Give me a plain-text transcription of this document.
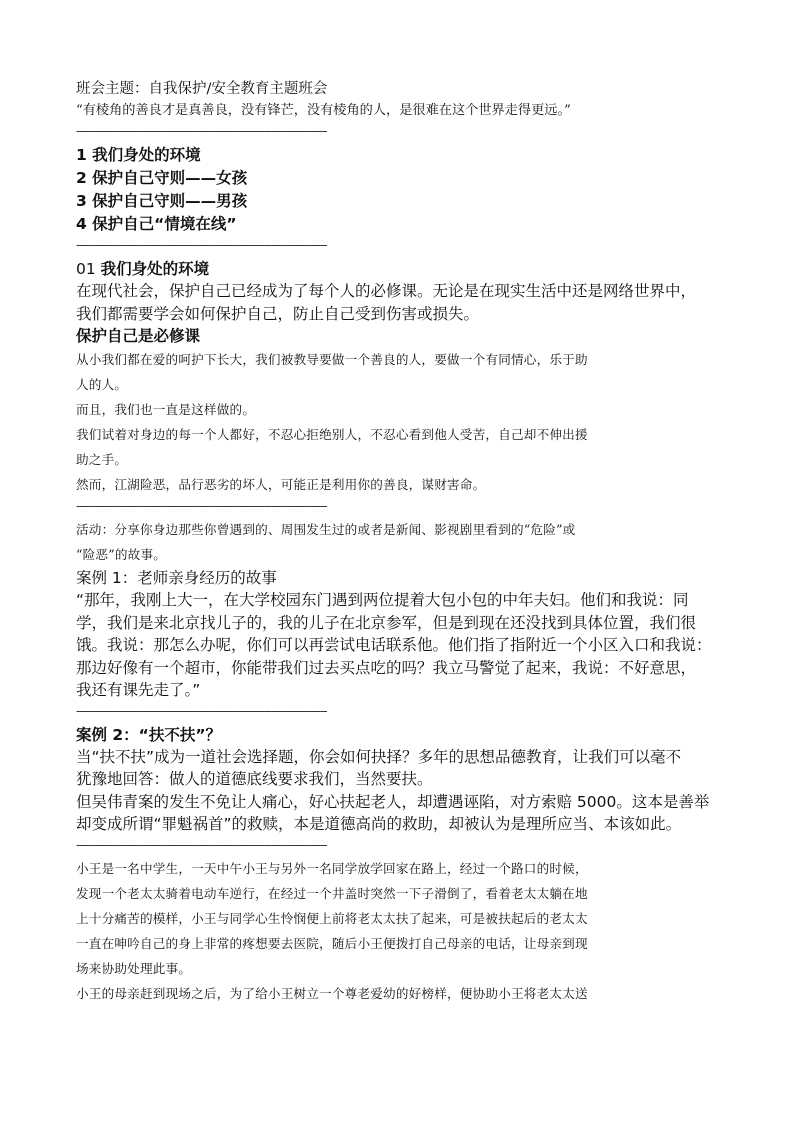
班会主题：自我保护/安全教育主题班会
“有棱角的善良才是真善良，没有锋芒，没有棱角的人，是很难在这个世界走得更远。”
--------------------------------------------------------------------------------
1 我们身处的环境
2 保护自己守则——女孩
3 保护自己守则——男孩
4 保护自己“情境在线”
--------------------------------------------------------------------------------
01 我们身处的环境
在现代社会，保护自己已经成为了每个人的必修课。无论是在现实生活中还是网络世界中，
我们都需要学会如何保护自己，防止自己受到伤害或损失。
保护自己是必修课
从小我们都在爱的呵护下长大，我们被教导要做一个善良的人，要做一个有同情心，乐于助
人的人。
而且，我们也一直是这样做的。
我们试着对身边的每一个人都好，不忍心拒绝别人，不忍心看到他人受苦，自己却不伸出援
助之手。
然而，江湖险恶，品行恶劣的坏人，可能正是利用你的善良，谋财害命。
--------------------------------------------------------------------------------
活动：分享你身边那些你曾遇到的、周围发生过的或者是新闻、影视剧里看到的“危险”或
“险恶”的故事。
案例 1：老师亲身经历的故事
“那年，我刚上大一，在大学校园东门遇到两位提着大包小包的中年夫妇。他们和我说：同
学，我们是来北京找儿子的，我的儿子在北京参军，但是到现在还没找到具体位置，我们很
饿。我说：那怎么办呢，你们可以再尝试电话联系他。他们指了指附近一个小区入口和我说：
那边好像有一个超市，你能带我们过去买点吃的吗？我立马警觉了起来，我说：不好意思，
我还有课先走了。”
--------------------------------------------------------------------------------
案例 2：“扶不扶”？
当“扶不扶”成为一道社会选择题，你会如何抉择？多年的思想品德教育，让我们可以毫不
犹豫地回答：做人的道德底线要求我们，当然要扶。
但吴伟青案的发生不免让人痛心，好心扶起老人，却遭遇诬陷，对方索赔 5000。这本是善举
却变成所谓“罪魁祸首”的救赎，本是道德高尚的救助，却被认为是理所应当、本该如此。
--------------------------------------------------------------------------------
小王是一名中学生，一天中午小王与另外一名同学放学回家在路上，经过一个路口的时候，
发现一个老太太骑着电动车逆行，在经过一个井盖时突然一下子滑倒了，看着老太太躺在地
上十分痛苦的模样，小王与同学心生怜悯便上前将老太太扶了起来，可是被扶起后的老太太
一直在呻吟自己的身上非常的疼想要去医院，随后小王便拨打自己母亲的电话，让母亲到现
场来协助处理此事。
小王的母亲赶到现场之后，为了给小王树立一个尊老爱幼的好榜样，便协助小王将老太太送
